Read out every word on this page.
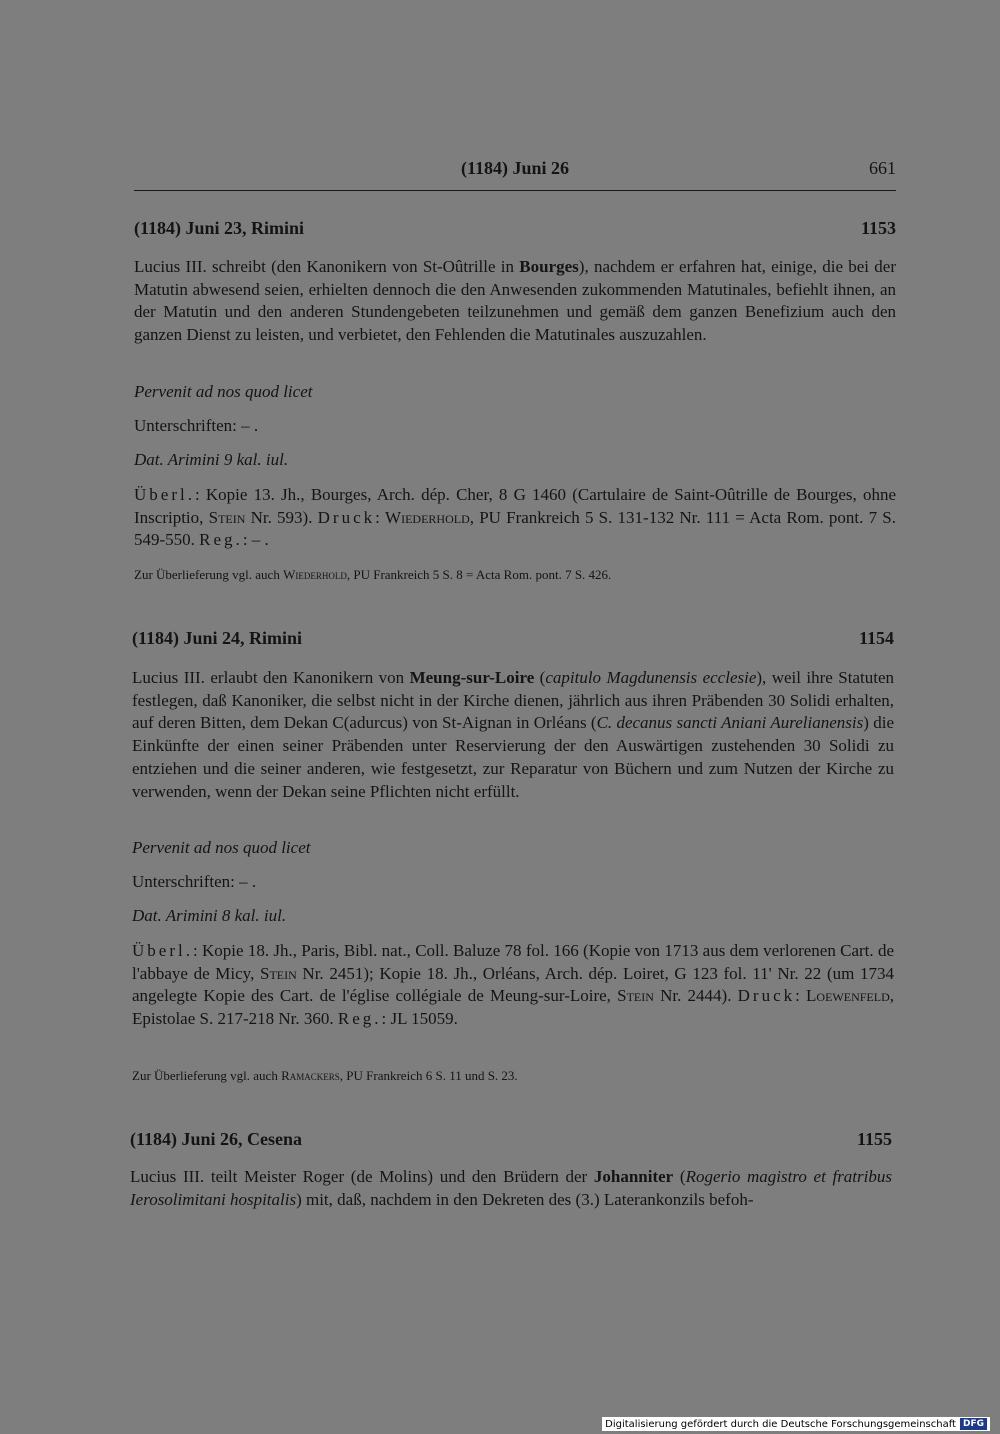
(1184) Juni 26	661
(1184) Juni 23, Rimini	1153
Lucius III. schreibt (den Kanonikern von St-Oûtrille in Bourges), nachdem er erfahren hat, einige, die bei der Matutin abwesend seien, erhielten dennoch die den Anwesenden zukommenden Matutinales, befiehlt ihnen, an der Matutin und den anderen Stundengebeten teilzunehmen und gemäß dem ganzen Benefizium auch den ganzen Dienst zu leisten, und verbietet, den Fehlenden die Matutinales auszuzahlen.
Pervenit ad nos quod licet
Unterschriften: – .
Dat. Arimini 9 kal. iul.
Überl.: Kopie 13. Jh., Bourges, Arch. dép. Cher, 8 G 1460 (Cartulaire de Saint-Oûtrille de Bourges, ohne Inscriptio, Stein Nr. 593). Druck: Wiederhold, PU Frankreich 5 S. 131-132 Nr. 111 = Acta Rom. pont. 7 S. 549-550. Reg.: – .
Zur Überlieferung vgl. auch Wiederhold, PU Frankreich 5 S. 8 = Acta Rom. pont. 7 S. 426.
(1184) Juni 24, Rimini	1154
Lucius III. erlaubt den Kanonikern von Meung-sur-Loire (capitulo Magdunensis ecclesie), weil ihre Statuten festlegen, daß Kanoniker, die selbst nicht in der Kirche dienen, jährlich aus ihren Präbenden 30 Solidi erhalten, auf deren Bitten, dem Dekan C(adurcus) von St-Aignan in Orléans (C. decanus sancti Aniani Aurelianensis) die Einkünfte der einen seiner Präbenden unter Reservierung der den Auswärtigen zustehenden 30 Solidi zu entziehen und die seiner anderen, wie festgesetzt, zur Reparatur von Büchern und zum Nutzen der Kirche zu verwenden, wenn der Dekan seine Pflichten nicht erfüllt.
Pervenit ad nos quod licet
Unterschriften: – .
Dat. Arimini 8 kal. iul.
Überl.: Kopie 18. Jh., Paris, Bibl. nat., Coll. Baluze 78 fol. 166 (Kopie von 1713 aus dem verlorenen Cart. de l'abbaye de Micy, Stein Nr. 2451); Kopie 18. Jh., Orléans, Arch. dép. Loiret, G 123 fol. 11' Nr. 22 (um 1734 angelegte Kopie des Cart. de l'église collégiale de Meung-sur-Loire, Stein Nr. 2444). Druck: Loewenfeld, Epistolae S. 217-218 Nr. 360. Reg.: JL 15059.
Zur Überlieferung vgl. auch Ramackers, PU Frankreich 6 S. 11 und S. 23.
(1184) Juni 26, Cesena	1155
Lucius III. teilt Meister Roger (de Molins) und den Brüdern der Johanniter (Rogerio magistro et fratribus Ierosolimitani hospitalis) mit, daß, nachdem in den Dekreten des (3.) Laterankonzils befoh-
Digitalisierung gefördert durch die Deutsche Forschungsgemeinschaft DFG
